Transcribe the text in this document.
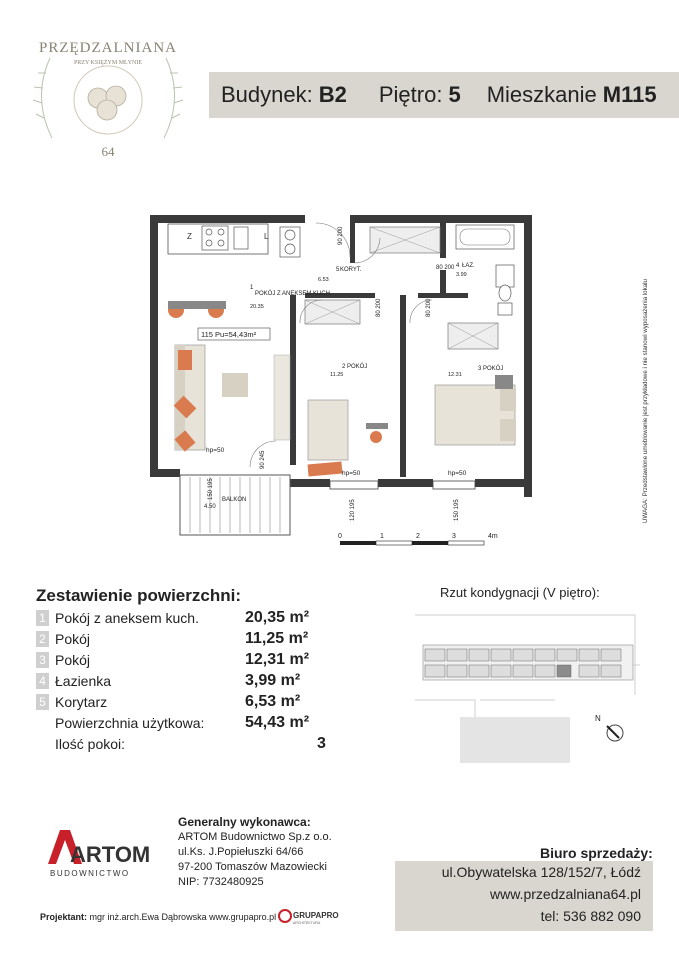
PRZĘDZALNIANA
PRZY KSIĘŻYM MŁYNIE
64
Budynek: B2 Piętro: 5 Mieszkanie M115
Z	L
1
POKÓJ Z ANEKSEM KUCH.
20.35
115 Pu=54,43m²
5 KORYT.
6.53
4 ŁAZ.
3.99
2 POKÓJ
11.25
3 POKÓJ
12.31
BALKON
4.50
hp=50
hp=50	hp=50
90 200
80 200
80 200	80 200
90 245
150 195
120 195	150 195
0	1	2	3	4m
UWAGA: Przedstawione umeblowanie jest przykładowe i nie stanowi wyposażenia lokalu
Zestawienie powierzchni:
1 Pokój z aneksem kuch.	20,35 m²
2 Pokój	11,25 m²
3 Pokój	12,31 m²
4 Łazienka	3,99 m²
5 Korytarz	6,53 m²
Powierzchnia użytkowa:	54,43 m²
Ilość pokoi:	3
Rzut kondygnacji (V piętro):
N
ARTOM
BUDOWNICTWO
Generalny wykonawca:
ARTOM Budownictwo Sp.z o.o.
ul.Ks. J.Popiełuszki 64/66
97-200 Tomaszów Mazowiecki
NIP: 7732480925
Biuro sprzedaży:
ul.Obywatelska 128/152/7, Łódź
www.przedzalniana64.pl
tel: 536 882 090
Projektant: mgr inż.arch.Ewa Dąbrowska www.grupapro.pl GRUPAPRO
ARCHITEKTURA
